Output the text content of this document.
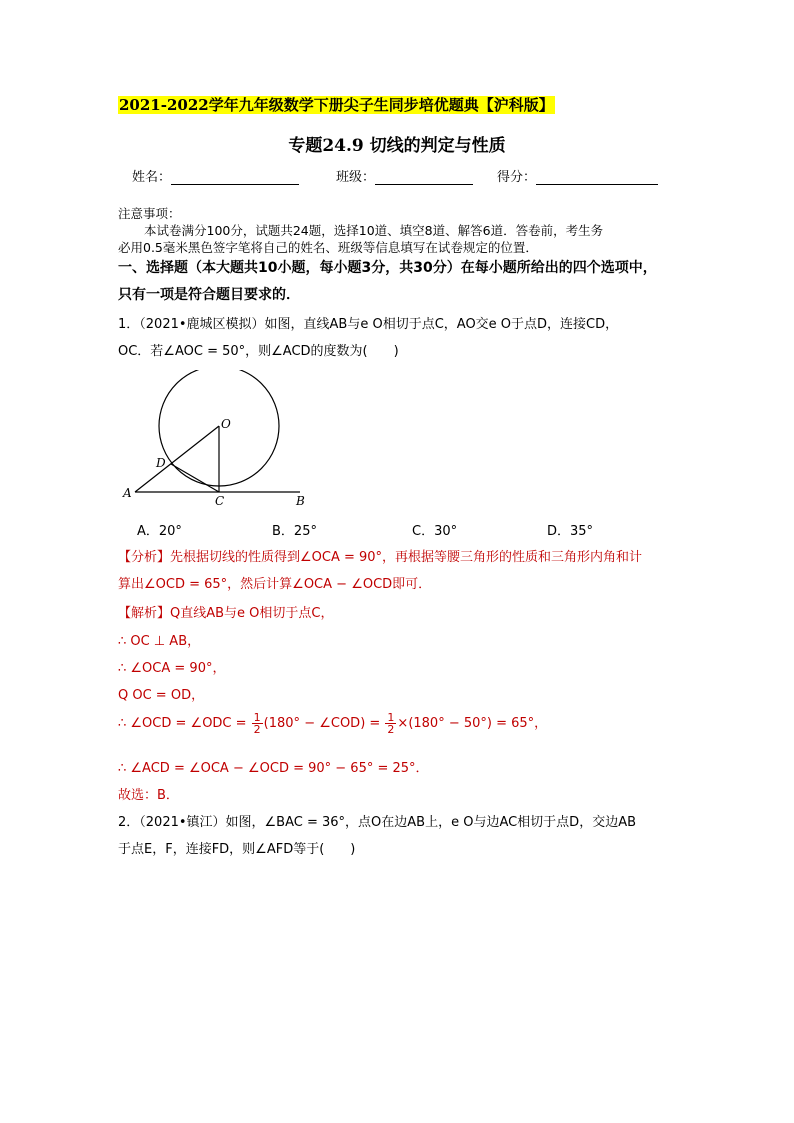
2021-2022学年九年级数学下册尖子生同步培优题典【沪科版】
专题24.9 切线的判定与性质
姓名：	班级：	得分：
注意事项：
本试卷满分100分，试题共24题，选择10道、填空8道、解答6道．答卷前，考生务
必用0.5毫米黑色签字笔将自己的姓名、班级等信息填写在试卷规定的位置．
一、选择题（本大题共10小题，每小题3分，共30分）在每小题所给出的四个选项中，
只有一项是符合题目要求的．
1．（2021•鹿城区模拟）如图，直线AB与e O相切于点C，AO交e O于点D，连接CD，
OC．若∠AOC = 50°，则∠ACD的度数为(　　)
O
D
A
C	B
A．20°	B．25°	C．30°	D．35°
【分析】先根据切线的性质得到∠OCA = 90°，再根据等腰三角形的性质和三角形内角和计
算出∠OCD = 65°，然后计算∠OCA − ∠OCD即可．
【解析】Q直线AB与e O相切于点C，
∴ OC ⊥ AB，
∴ ∠OCA = 90°，
Q OC = OD，
∴ ∠OCD = ∠ODC = $\frac{1}{2} (180^\circ$ − ∠COD) = $\frac{1}{2} \times(180^\circ - 50^\circ) = 65^\circ$，
∴ ∠ACD = ∠OCA − ∠OCD = 90° − 65° = 25°．
故选：B．
2．（2021•镇江）如图，∠BAC = 36°，点O在边AB上，e O与边AC相切于点D，交边AB
于点E，F，连接FD，则∠AFD等于(　　)
